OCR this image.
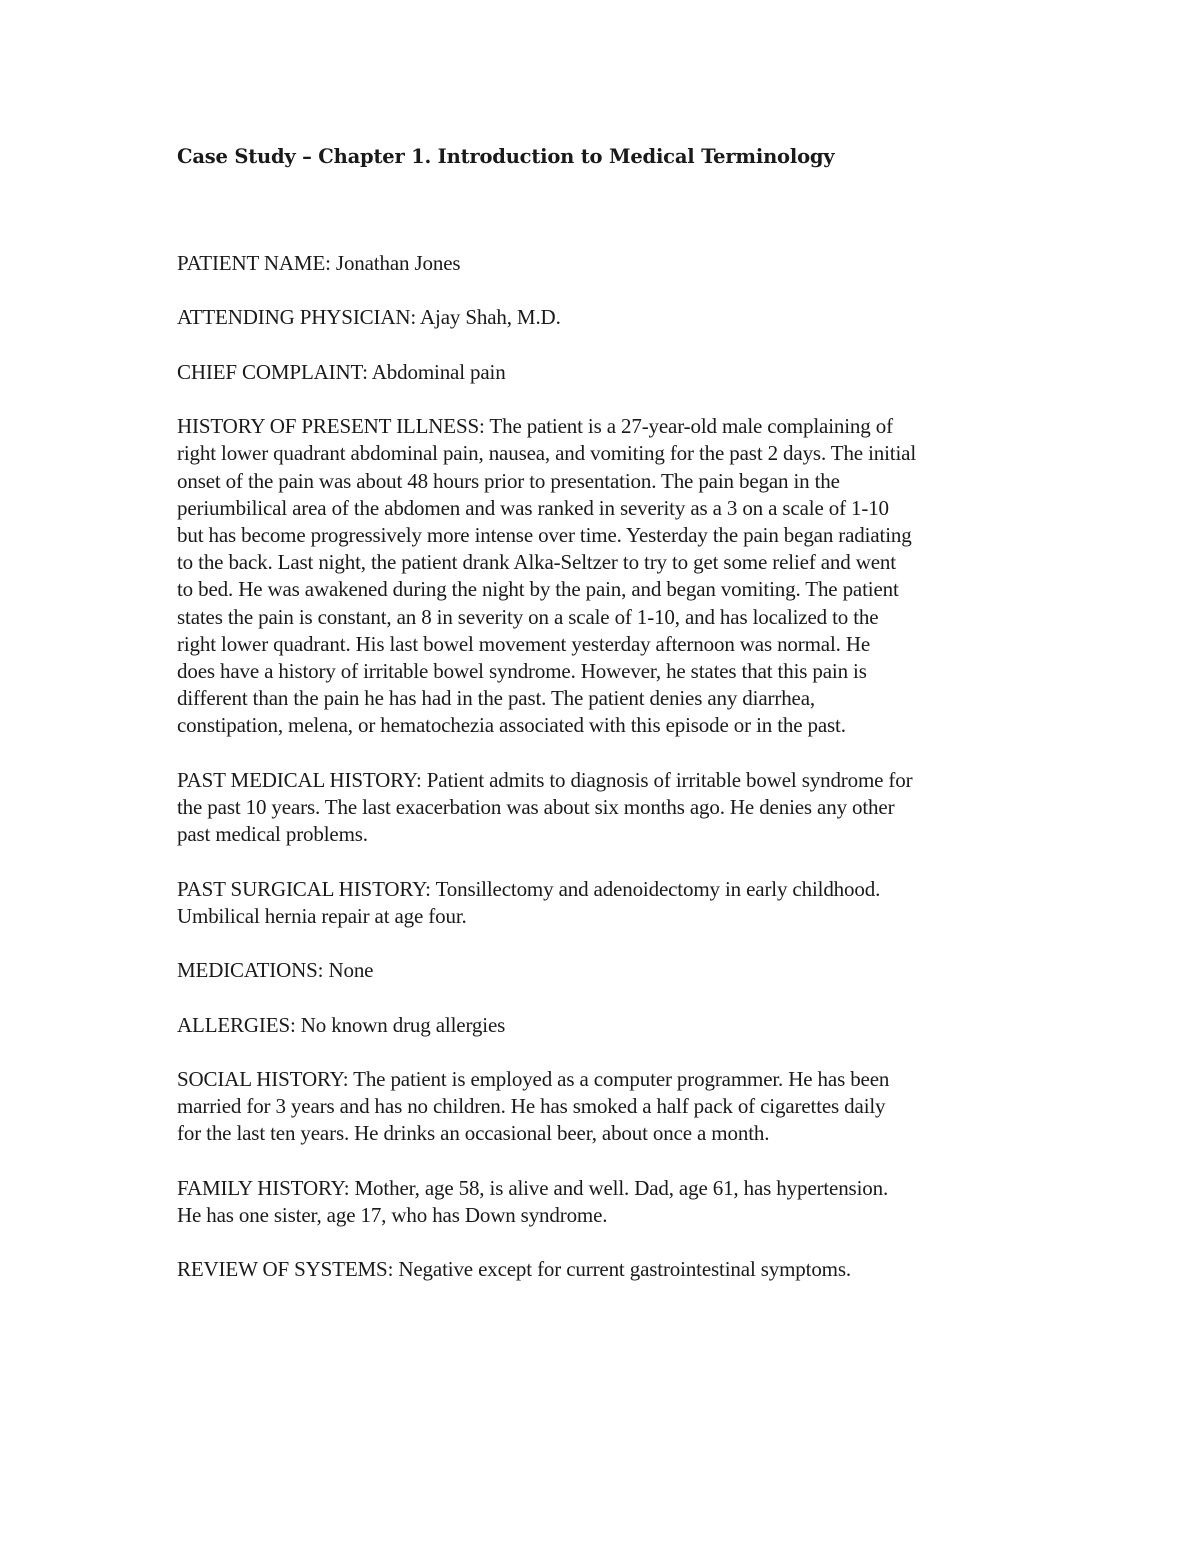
Case Study – Chapter 1. Introduction to Medical Terminology
PATIENT NAME: Jonathan Jones
ATTENDING PHYSICIAN: Ajay Shah, M.D.
CHIEF COMPLAINT: Abdominal pain
HISTORY OF PRESENT ILLNESS: The patient is a 27-year-old male complaining of
right lower quadrant abdominal pain, nausea, and vomiting for the past 2 days. The initial
onset of the pain was about 48 hours prior to presentation. The pain began in the
periumbilical area of the abdomen and was ranked in severity as a 3 on a scale of 1-10
but has become progressively more intense over time. Yesterday the pain began radiating
to the back. Last night, the patient drank Alka-Seltzer to try to get some relief and went
to bed. He was awakened during the night by the pain, and began vomiting. The patient
states the pain is constant, an 8 in severity on a scale of 1-10, and has localized to the
right lower quadrant. His last bowel movement yesterday afternoon was normal. He
does have a history of irritable bowel syndrome. However, he states that this pain is
different than the pain he has had in the past. The patient denies any diarrhea,
constipation, melena, or hematochezia associated with this episode or in the past.
PAST MEDICAL HISTORY: Patient admits to diagnosis of irritable bowel syndrome for
the past 10 years. The last exacerbation was about six months ago. He denies any other
past medical problems.
PAST SURGICAL HISTORY: Tonsillectomy and adenoidectomy in early childhood.
Umbilical hernia repair at age four.
MEDICATIONS: None
ALLERGIES: No known drug allergies
SOCIAL HISTORY: The patient is employed as a computer programmer. He has been
married for 3 years and has no children. He has smoked a half pack of cigarettes daily
for the last ten years. He drinks an occasional beer, about once a month.
FAMILY HISTORY: Mother, age 58, is alive and well. Dad, age 61, has hypertension.
He has one sister, age 17, who has Down syndrome.
REVIEW OF SYSTEMS: Negative except for current gastrointestinal symptoms.
